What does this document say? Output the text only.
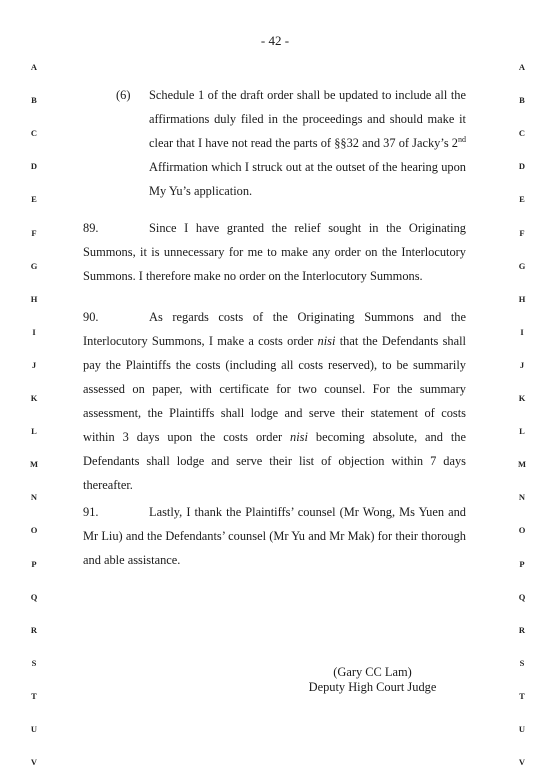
- 42 -
A
B
C
D
E
F
G
H
I
J
K
L
M
N
O
P
Q
R
S
T
U
V
A
B
C
D
E
F
G
H
I
J
K
L
M
N
O
P
Q
R
S
T
U
V
(6) Schedule 1 of the draft order shall be updated to include all the affirmations duly filed in the proceedings and should make it clear that I have not read the parts of §§32 and 37 of Jacky’s 2nd Affirmation which I struck out at the outset of the hearing upon My Yu’s application.
89.	Since I have granted the relief sought in the Originating Summons, it is unnecessary for me to make any order on the Interlocutory Summons. I therefore make no order on the Interlocutory Summons.
90.	As regards costs of the Originating Summons and the Interlocutory Summons, I make a costs order nisi that the Defendants shall pay the Plaintiffs the costs (including all costs reserved), to be summarily assessed on paper, with certificate for two counsel. For the summary assessment, the Plaintiffs shall lodge and serve their statement of costs within 3 days upon the costs order nisi becoming absolute, and the Defendants shall lodge and serve their list of objection within 7 days thereafter.
91.	Lastly, I thank the Plaintiffs’ counsel (Mr Wong, Ms Yuen and Mr Liu) and the Defendants’ counsel (Mr Yu and Mr Mak) for their thorough and able assistance.
(Gary CC Lam)
Deputy High Court Judge
